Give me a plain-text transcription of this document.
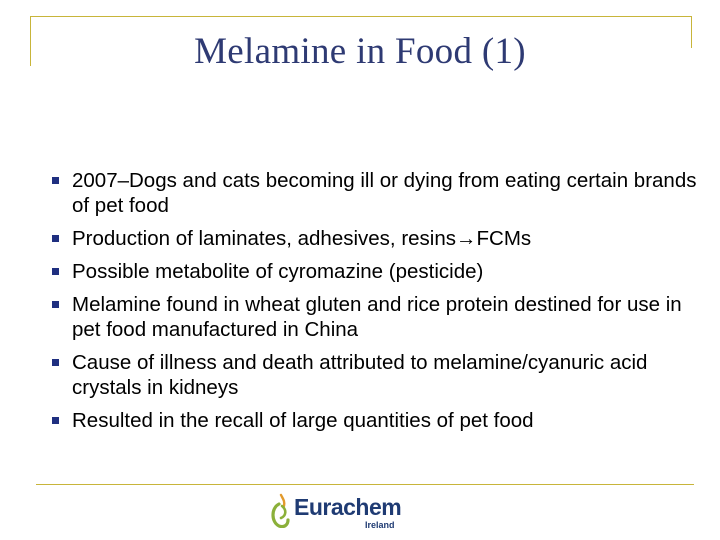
Melamine in Food (1)
2007–Dogs and cats becoming ill or dying from eating certain brands of pet food
Production of laminates, adhesives, resins→FCMs
Possible metabolite of cyromazine (pesticide)
Melamine found in wheat gluten and rice protein destined for use in pet food manufactured in China
Cause of illness and death attributed to melamine/cyanuric acid crystals in kidneys
Resulted in the recall of large quantities of pet food
Eurachem
Ireland
